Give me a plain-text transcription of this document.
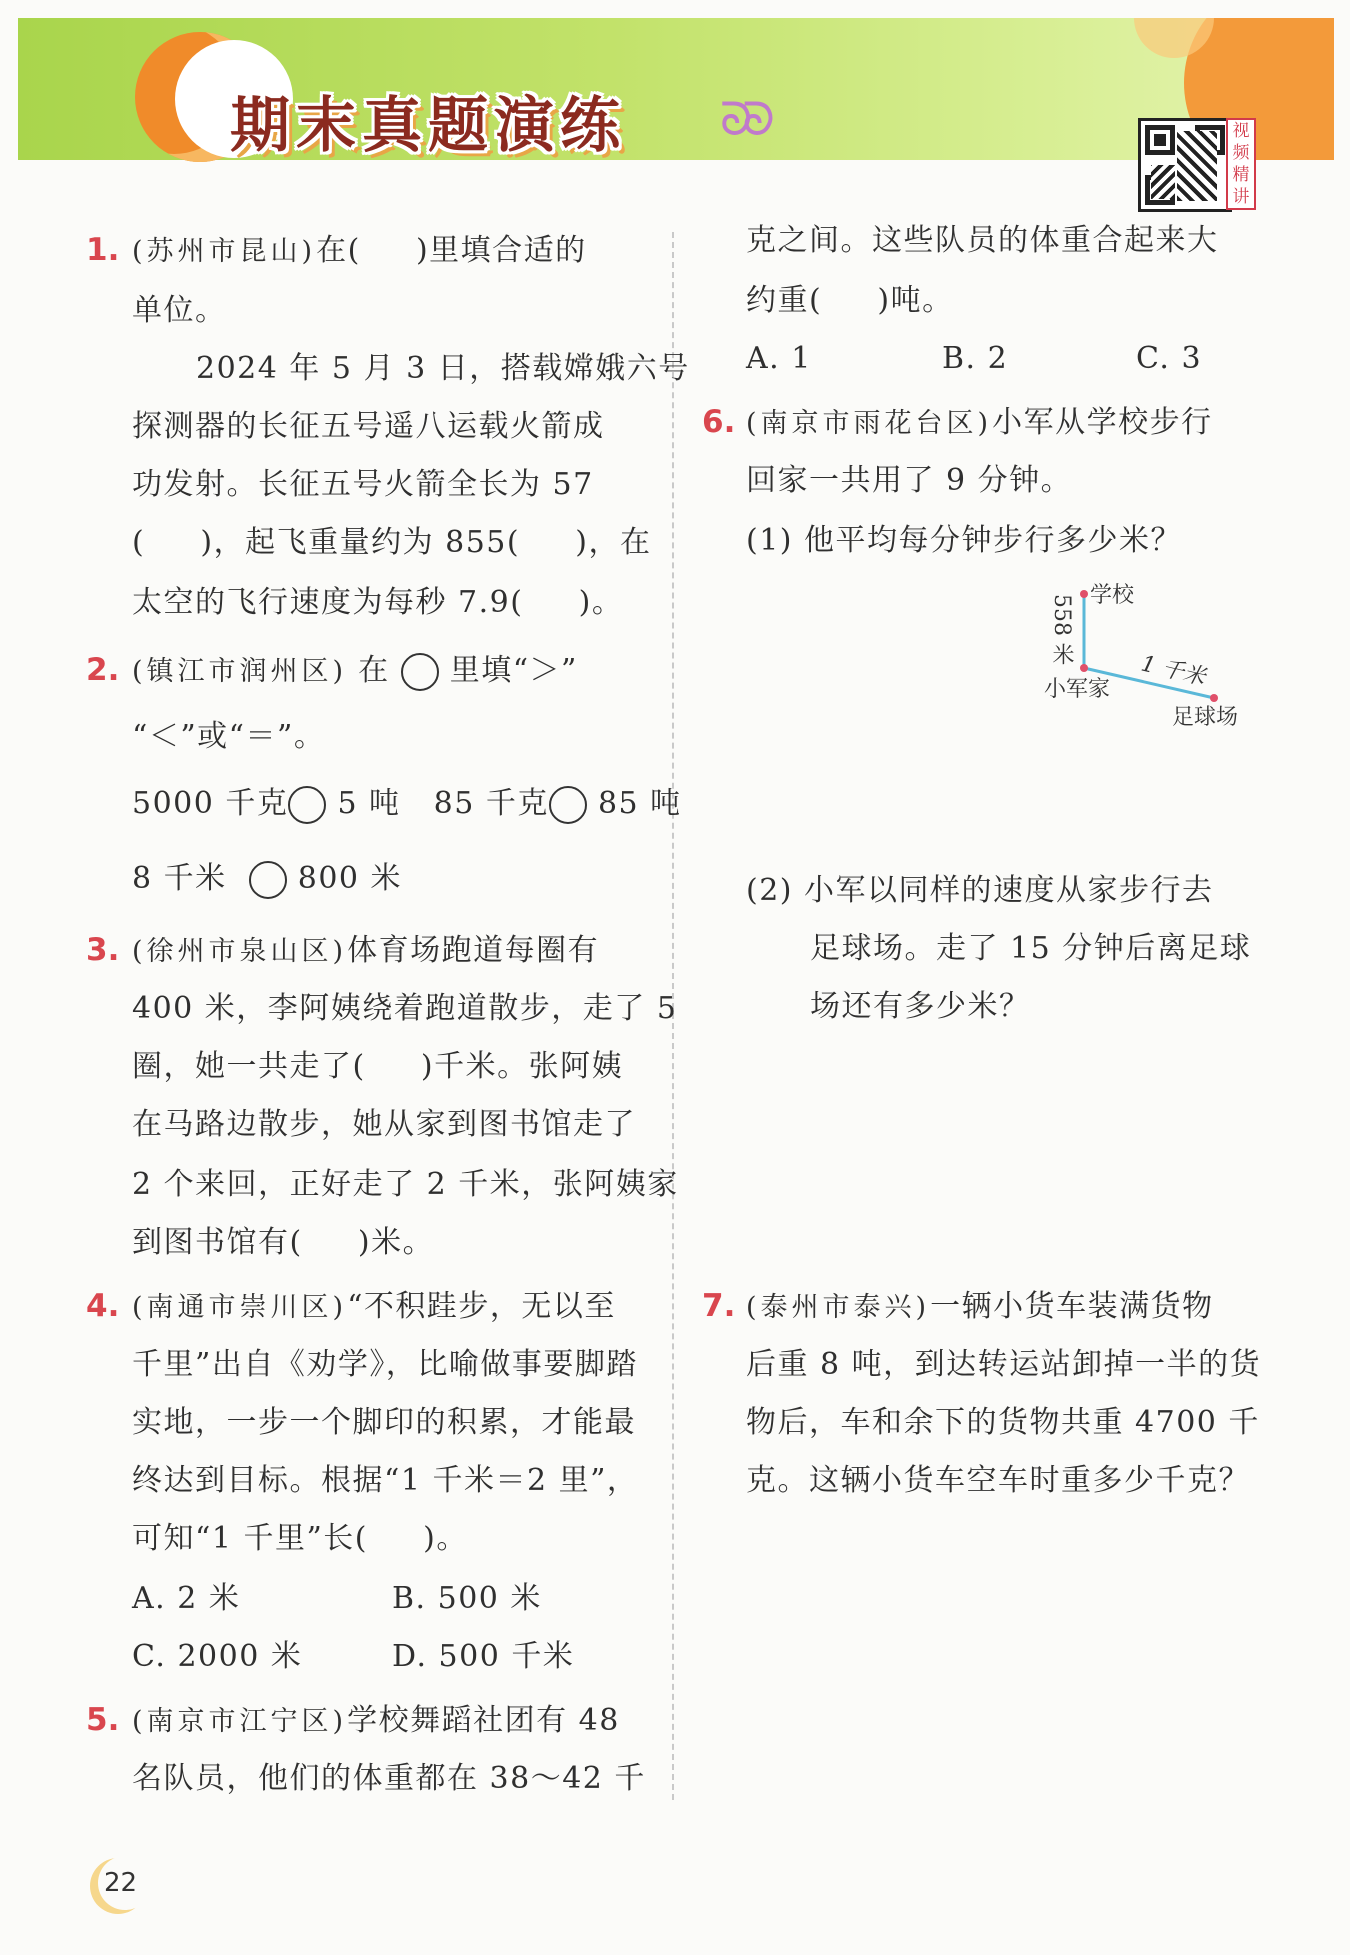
期末真题演练 ᘐᘐ	视
频
精
讲
1. (苏州市昆山)在(     )里填合适的
单位。
2024 年 5 月 3 日，搭载嫦娥六号
探测器的长征五号遥八运载火箭成
功发射。长征五号火箭全长为 57
(     )，起飞重量约为 855(     )，在
太空的飞行速度为每秒 7.9(     )。
2. (镇江市润州区) 在 里填“＞”
“＜”或“＝”。
5000 千克 5 吨 85 千克 85 吨
8 千米 800 米
3. (徐州市泉山区)体育场跑道每圈有
400 米，李阿姨绕着跑道散步，走了 5
圈，她一共走了(     )千米。张阿姨
在马路边散步，她从家到图书馆走了
2 个来回，正好走了 2 千米，张阿姨家
到图书馆有(     )米。
4. (南通市崇川区)“不积跬步，无以至
千里”出自《劝学》，比喻做事要脚踏
实地，一步一个脚印的积累，才能最
终达到目标。根据“1 千米＝2 里”，
可知“1 千里”长(     )。
A. 2 米	B. 500 米
C. 2000 米	D. 500 千米
5. (南京市江宁区)学校舞蹈社团有 48
名队员，他们的体重都在 38～42 千
克之间。这些队员的体重合起来大
约重(     )吨。
A. 1	B. 2	C. 3
6. (南京市雨花台区)小军从学校步行
回家一共用了 9 分钟。
(1) 他平均每分钟步行多少米？
学校
1 千米
小军家
足球场
558 米
(2) 小军以同样的速度从家步行去
足球场。走了 15 分钟后离足球
场还有多少米？
7. (泰州市泰兴)一辆小货车装满货物
后重 8 吨，到达转运站卸掉一半的货
物后，车和余下的货物共重 4700 千
克。这辆小货车空车时重多少千克？
22
